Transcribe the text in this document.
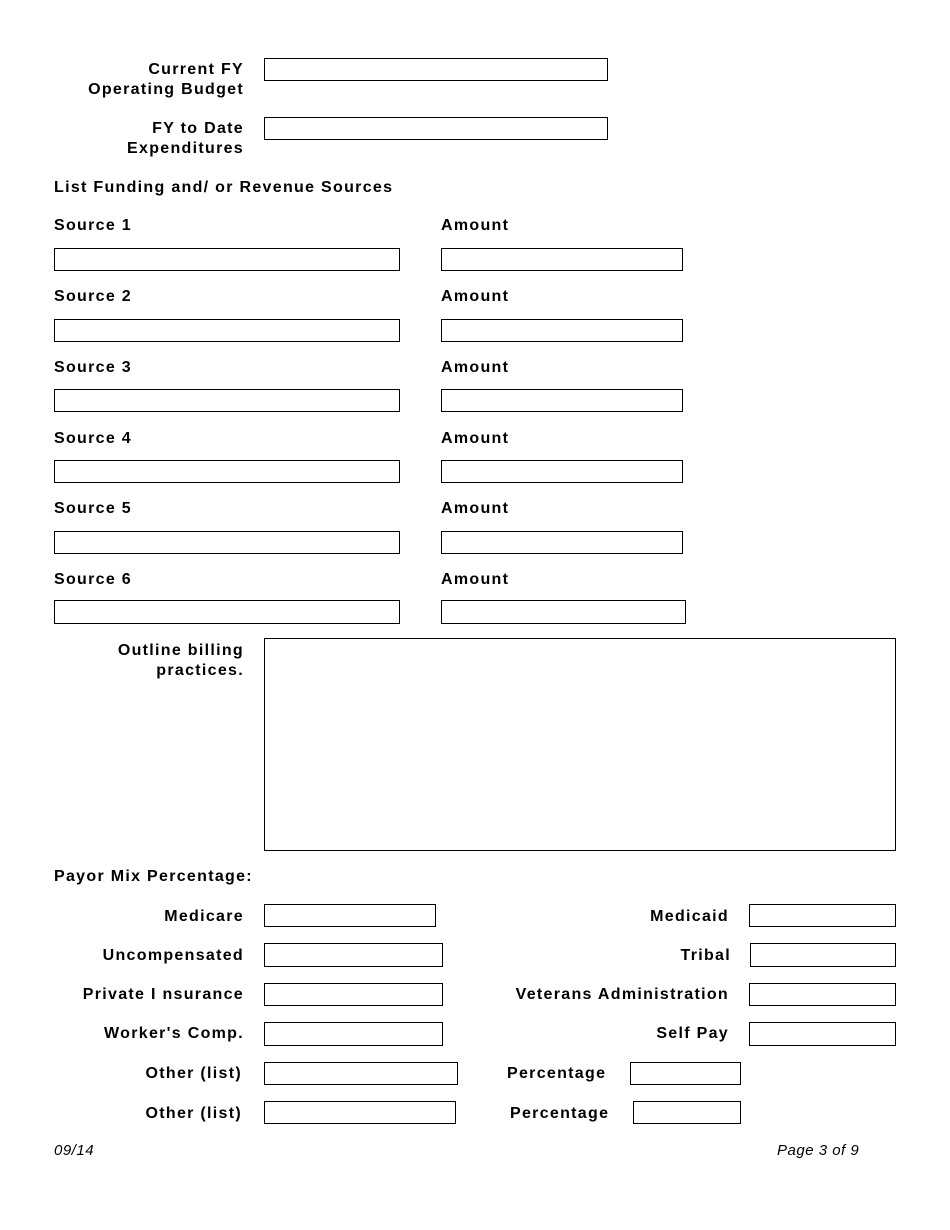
Current FY
Operating Budget
FY to Date
Expenditures
List Funding and/ or Revenue Sources
Source 1	Amount
Source 2	Amount
Source 3	Amount
Source 4	Amount
Source 5	Amount
Source 6	Amount
Outline billing
practices.
Payor Mix Percentage:
Medicare	Medicaid
Uncompensated	Tribal
Private I nsurance	Veterans Administration
Worker's Comp.	Self Pay
Other (list)	Percentage
Other (list)	Percentage
09/14	Page 3 of 9
